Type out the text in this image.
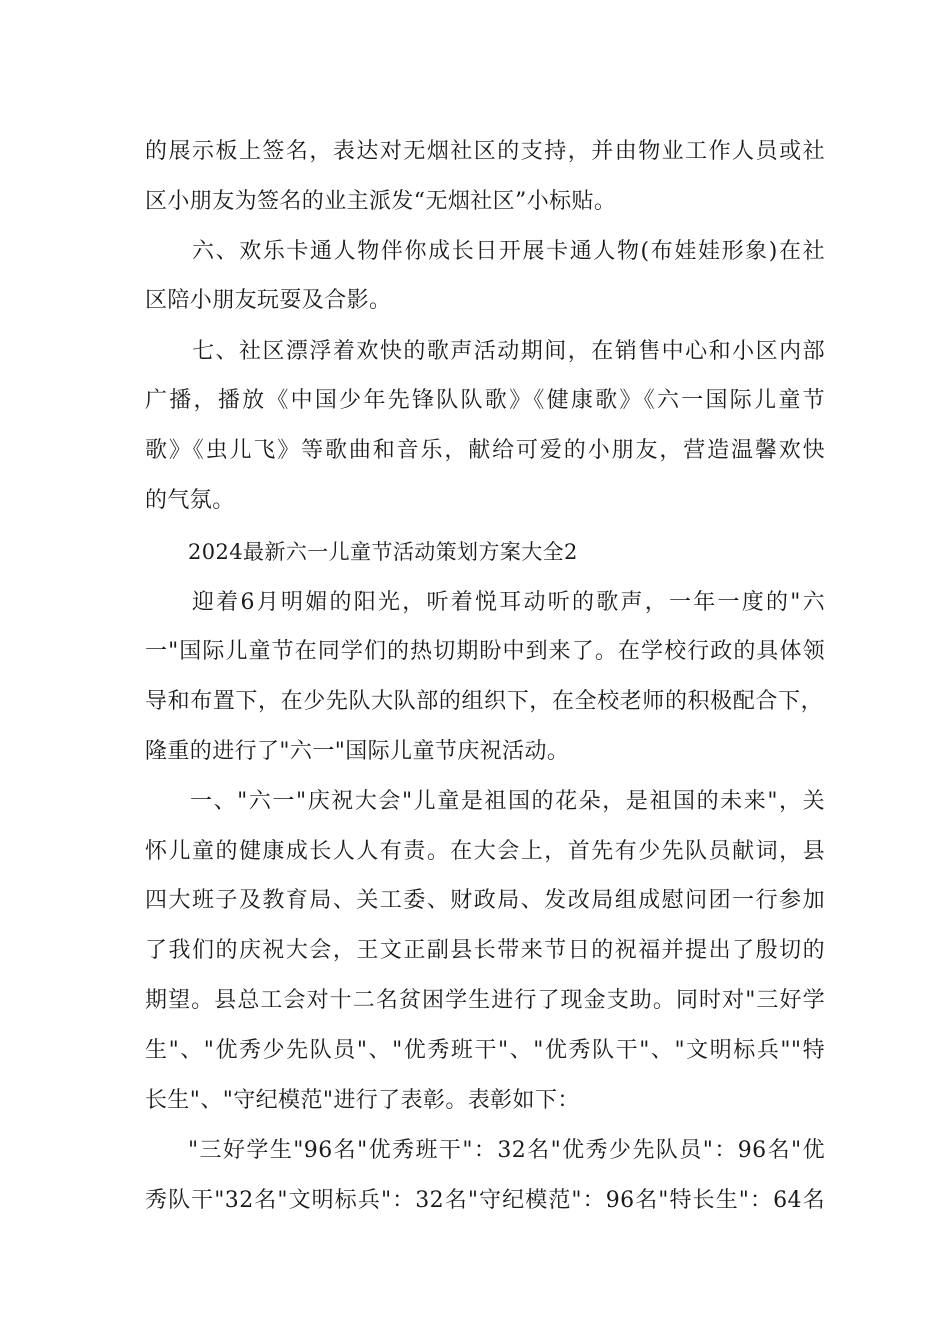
的展示板上签名，表达对无烟社区的支持，并由物业工作人员或社
区小朋友为签名的业主派发“无烟社区”小标贴。
六、欢乐卡通人物伴你成长日开展卡通人物(布娃娃形象)在社
区陪小朋友玩耍及合影。
七、社区漂浮着欢快的歌声活动期间，在销售中心和小区内部
广播，播放《中国少年先锋队队歌》《健康歌》《六一国际儿童节
歌》《虫儿飞》等歌曲和音乐，献给可爱的小朋友，营造温馨欢快
的气氛。
2024最新六一儿童节活动策划方案大全2
迎着6月明媚的阳光，听着悦耳动听的歌声，一年一度的"六
一"国际儿童节在同学们的热切期盼中到来了。在学校行政的具体领
导和布置下，在少先队大队部的组织下，在全校老师的积极配合下，
隆重的进行了"六一"国际儿童节庆祝活动。
一、"六一"庆祝大会"儿童是祖国的花朵，是祖国的未来"，关
怀儿童的健康成长人人有责。在大会上，首先有少先队员献词，县
四大班子及教育局、关工委、财政局、发改局组成慰问团一行参加
了我们的庆祝大会，王文正副县长带来节日的祝福并提出了殷切的
期望。县总工会对十二名贫困学生进行了现金支助。同时对"三好学
生"、"优秀少先队员"、"优秀班干"、"优秀队干"、"文明标兵""特
长生"、"守纪模范"进行了表彰。表彰如下：
"三好学生"96名"优秀班干"：32名"优秀少先队员"：96名"优
秀队干"32名"文明标兵"：32名"守纪模范"：96名"特长生"：64名
